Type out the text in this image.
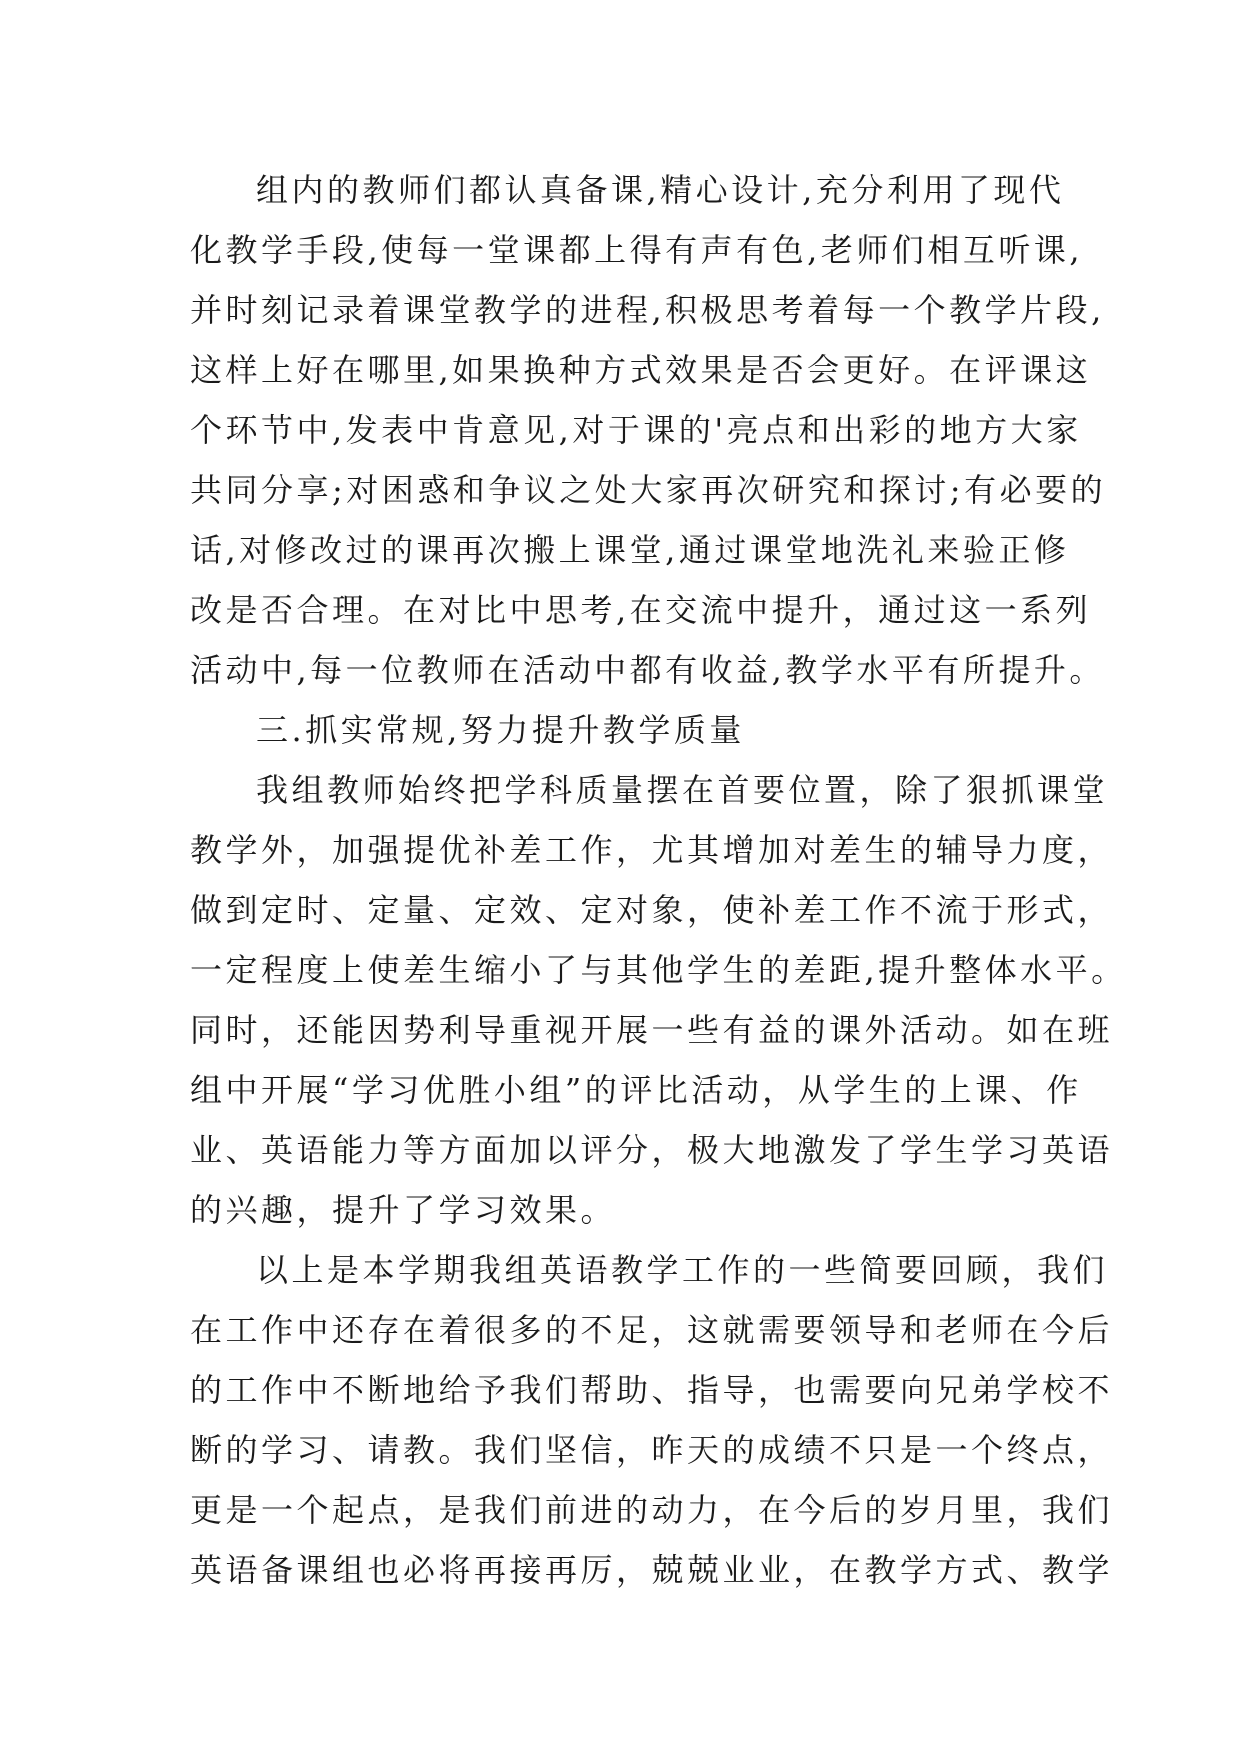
组内的教师们都认真备课,精心设计,充分利用了现代
化教学手段,使每一堂课都上得有声有色,老师们相互听课,
并时刻记录着课堂教学的进程,积极思考着每一个教学片段,
这样上好在哪里,如果换种方式效果是否会更好。在评课这
个环节中,发表中肯意见,对于课的'亮点和出彩的地方大家
共同分享;对困惑和争议之处大家再次研究和探讨;有必要的
话,对修改过的课再次搬上课堂,通过课堂地洗礼来验正修
改是否合理。在对比中思考,在交流中提升，通过这一系列
活动中,每一位教师在活动中都有收益,教学水平有所提升。
三.抓实常规,努力提升教学质量
我组教师始终把学科质量摆在首要位置，除了狠抓课堂
教学外，加强提优补差工作，尤其增加对差生的辅导力度，
做到定时、定量、定效、定对象，使补差工作不流于形式，
一定程度上使差生缩小了与其他学生的差距,提升整体水平。
同时，还能因势利导重视开展一些有益的课外活动。如在班
组中开展“学习优胜小组”的评比活动，从学生的上课、作
业、英语能力等方面加以评分，极大地激发了学生学习英语
的兴趣，提升了学习效果。
以上是本学期我组英语教学工作的一些简要回顾，我们
在工作中还存在着很多的不足，这就需要领导和老师在今后
的工作中不断地给予我们帮助、指导，也需要向兄弟学校不
断的学习、请教。我们坚信，昨天的成绩不只是一个终点，
更是一个起点，是我们前进的动力，在今后的岁月里，我们
英语备课组也必将再接再厉，兢兢业业，在教学方式、教学
